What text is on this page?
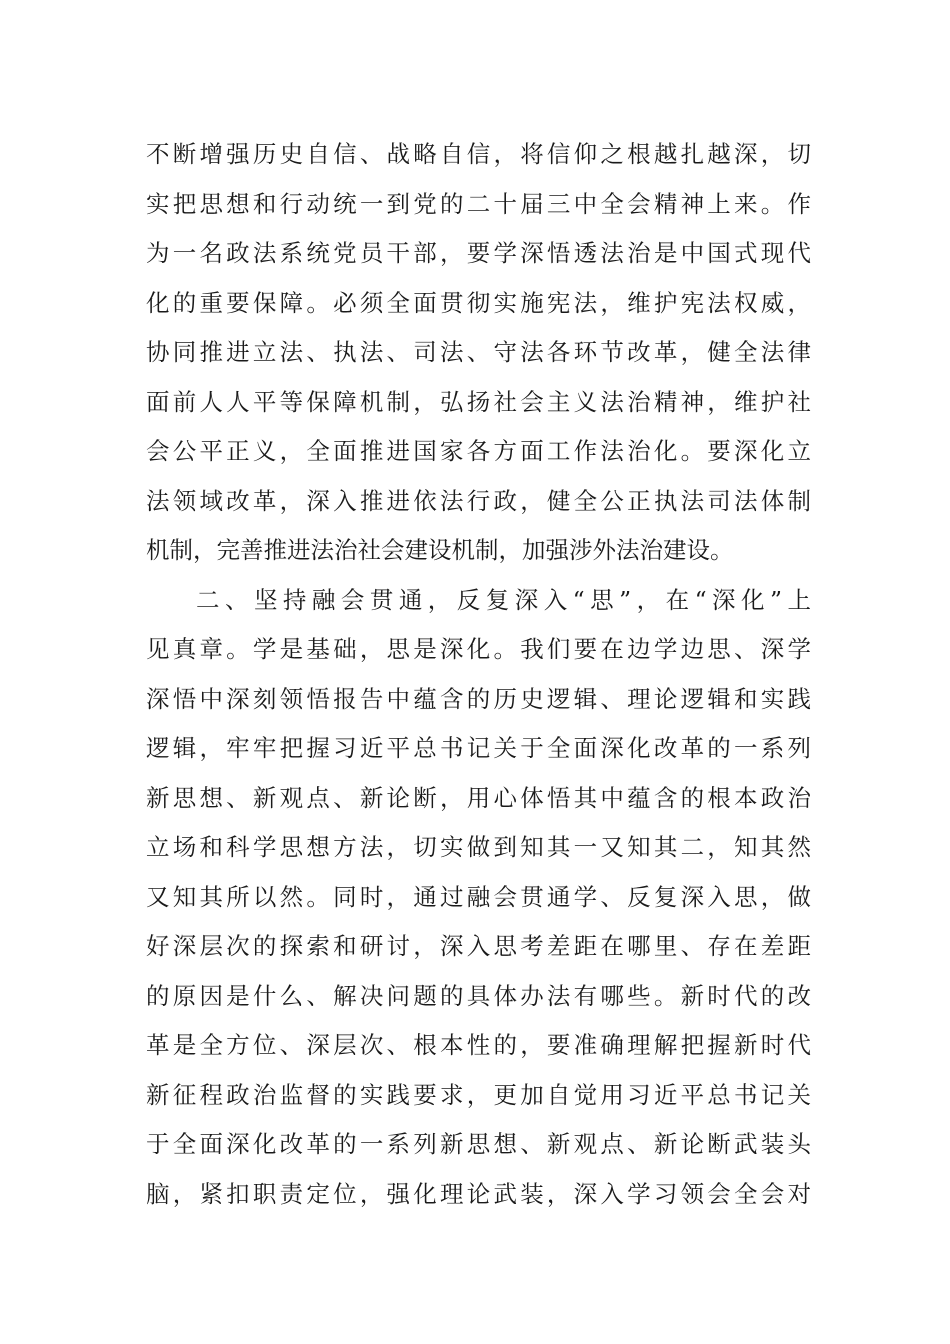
不断增强历史自信、战略自信，将信仰之根越扎越深，切
实把思想和行动统一到党的二十届三中全会精神上来。作
为一名政法系统党员干部，要学深悟透法治是中国式现代
化的重要保障。必须全面贯彻实施宪法，维护宪法权威，
协同推进立法、执法、司法、守法各环节改革，健全法律
面前人人平等保障机制，弘扬社会主义法治精神，维护社
会公平正义，全面推进国家各方面工作法治化。要深化立
法领域改革，深入推进依法行政，健全公正执法司法体制
机制，完善推进法治社会建设机制，加强涉外法治建设。
二、坚持融会贯通，反复深入“思”，在“深化”上
见真章。学是基础，思是深化。我们要在边学边思、深学
深悟中深刻领悟报告中蕴含的历史逻辑、理论逻辑和实践
逻辑，牢牢把握习近平总书记关于全面深化改革的一系列
新思想、新观点、新论断，用心体悟其中蕴含的根本政治
立场和科学思想方法，切实做到知其一又知其二，知其然
又知其所以然。同时，通过融会贯通学、反复深入思，做
好深层次的探索和研讨，深入思考差距在哪里、存在差距
的原因是什么、解决问题的具体办法有哪些。新时代的改
革是全方位、深层次、根本性的，要准确理解把握新时代
新征程政治监督的实践要求，更加自觉用习近平总书记关
于全面深化改革的一系列新思想、新观点、新论断武装头
脑，紧扣职责定位，强化理论武装，深入学习领会全会对
